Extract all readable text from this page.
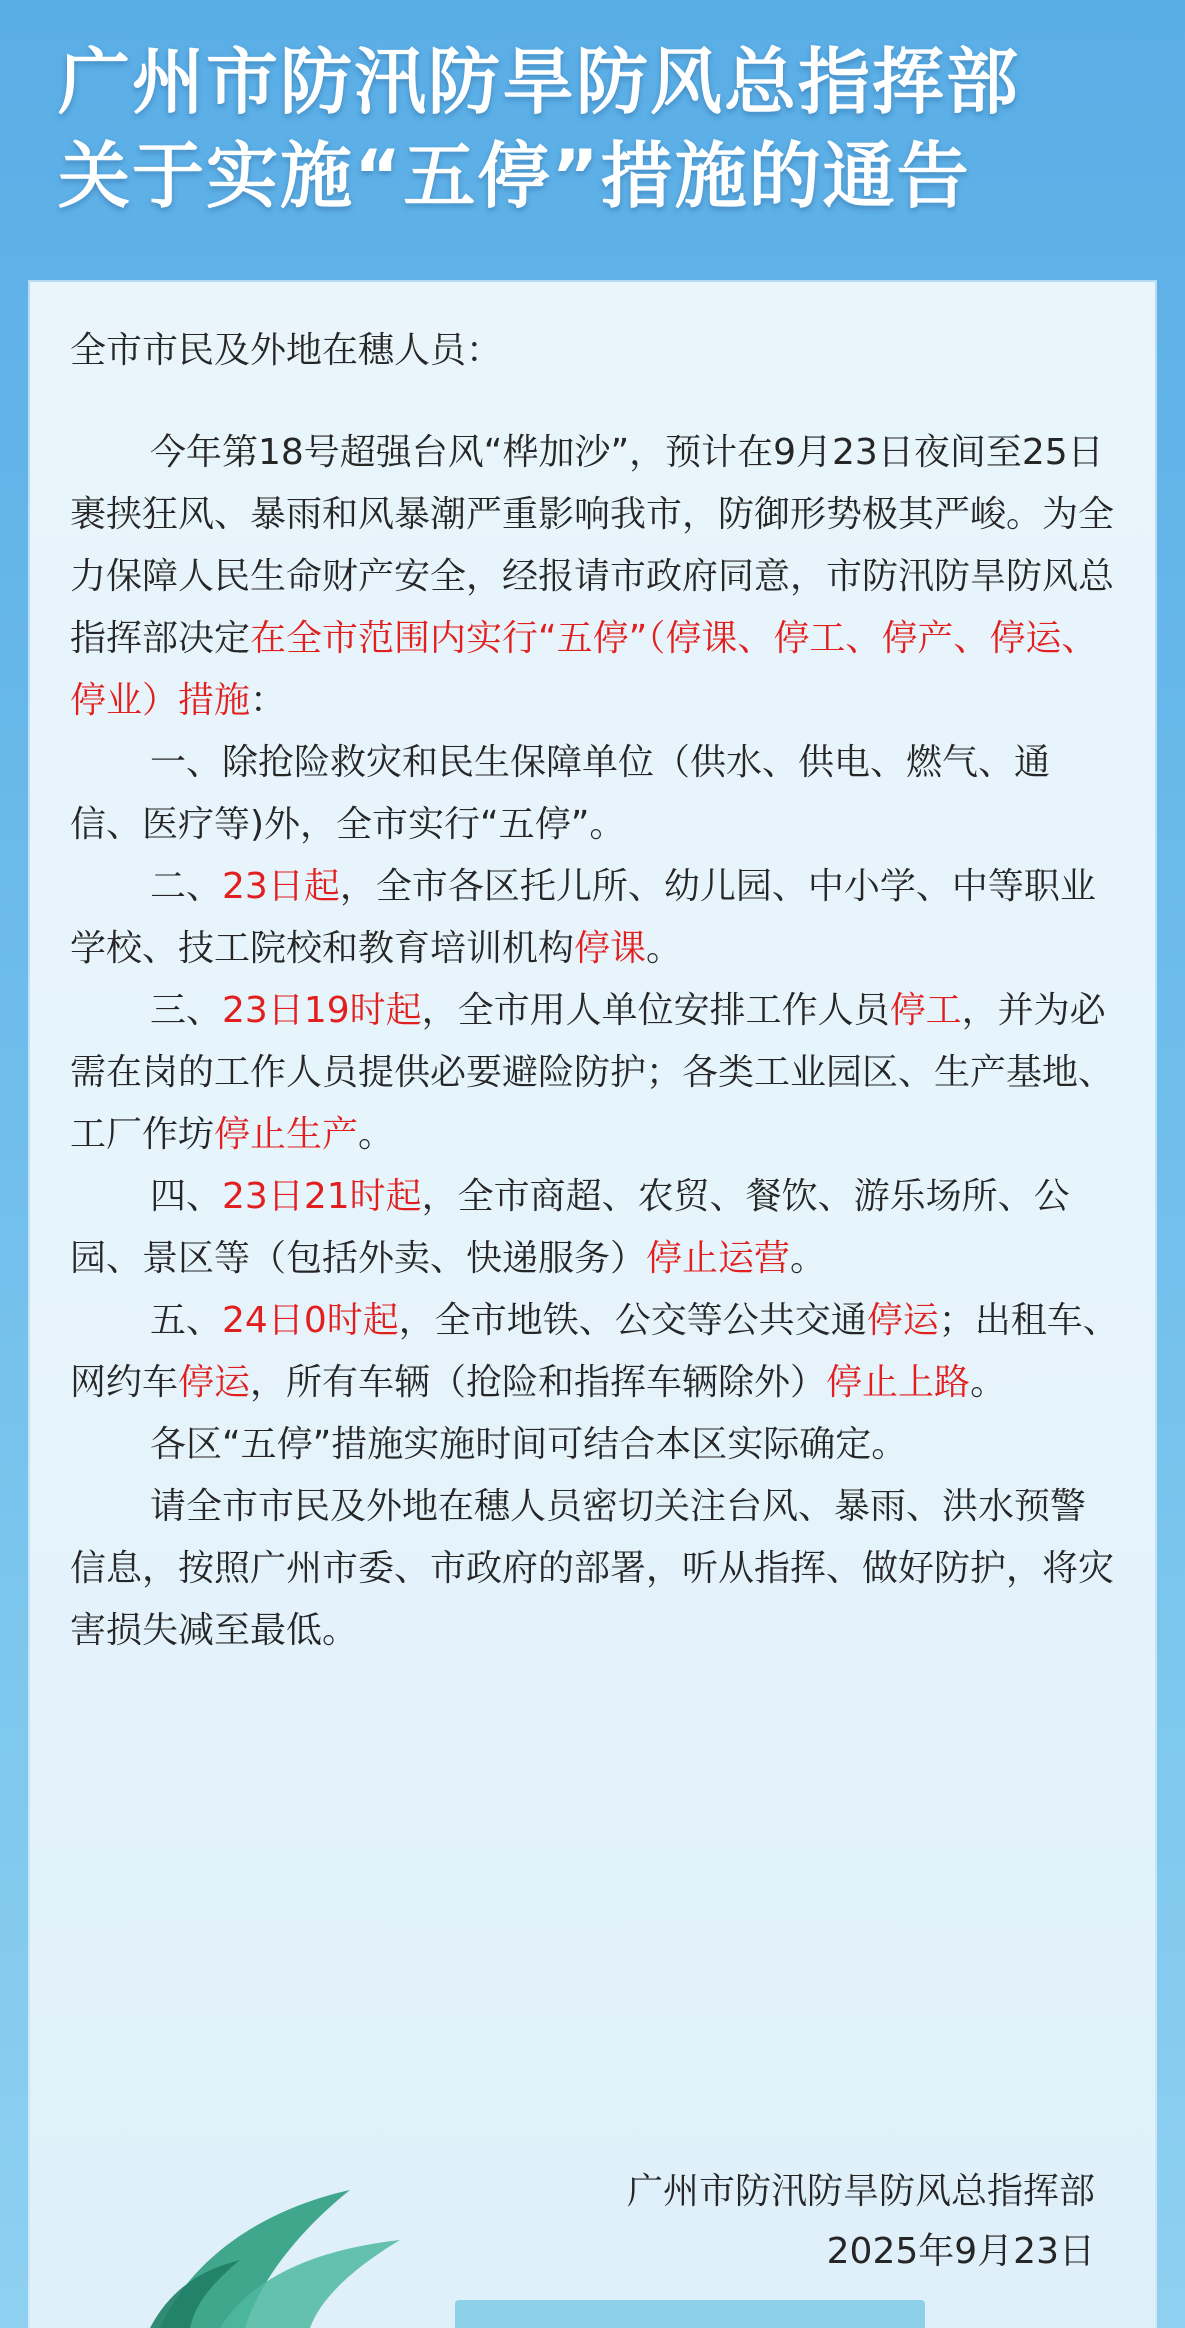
广州市防汛防旱防风总指挥部
关于实施“五停”措施的通告

全市市民及外地在穗人员：

今年第18号超强台风“桦加沙”，预计在9月23日夜间至25日裹挟狂风、暴雨和风暴潮严重影响我市，防御形势极其严峻。为全力保障人民生命财产安全，经报请市政府同意，市防汛防旱防风总指挥部决定在全市范围内实行“五停”（停课、停工、停产、停运、停业）措施：

一、除抢险救灾和民生保障单位（供水、供电、燃气、通信、医疗等)外，全市实行“五停”。

二、23日起，全市各区托儿所、幼儿园、中小学、中等职业学校、技工院校和教育培训机构停课。

三、23日19时起，全市用人单位安排工作人员停工，并为必需在岗的工作人员提供必要避险防护；各类工业园区、生产基地、工厂作坊停止生产。

四、23日21时起，全市商超、农贸、餐饮、游乐场所、公园、景区等（包括外卖、快递服务）停止运营。

五、24日0时起，全市地铁、公交等公共交通停运；出租车、网约车停运，所有车辆（抢险和指挥车辆除外）停止上路。

各区“五停”措施实施时间可结合本区实际确定。

请全市市民及外地在穗人员密切关注台风、暴雨、洪水预警信息，按照广州市委、市政府的部署，听从指挥、做好防护，将灾害损失减至最低。

广州市防汛防旱防风总指挥部
2025年9月23日
